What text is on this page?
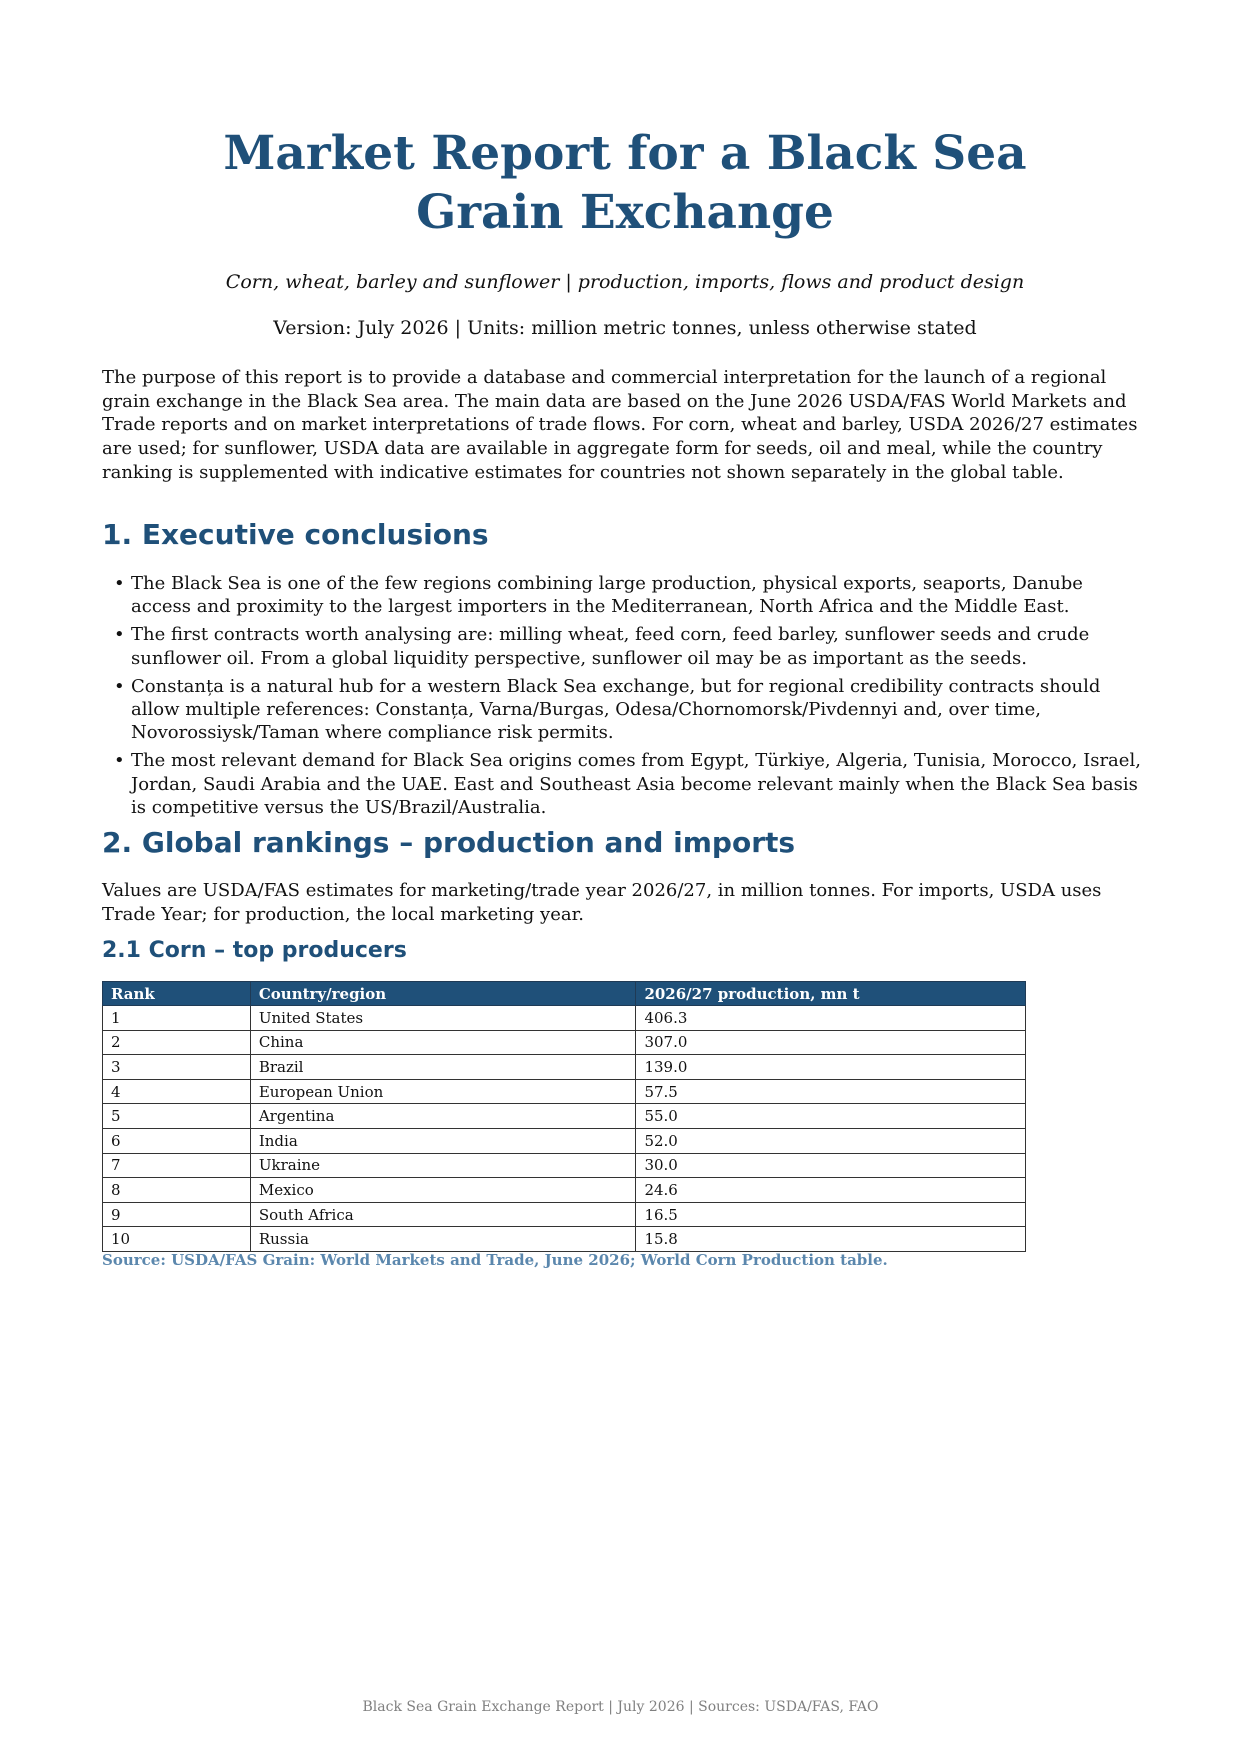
Market Report for a Black Sea
Grain Exchange
Corn, wheat, barley and sunflower | production, imports, flows and product design
Version: July 2026 | Units: million metric tonnes, unless otherwise stated

The purpose of this report is to provide a database and commercial interpretation for the launch of a regional grain exchange in the Black Sea area. The main data are based on the June 2026 USDA/FAS World Markets and Trade reports and on market interpretations of trade flows. For corn, wheat and barley, USDA 2026/27 estimates are used; for sunflower, USDA data are available in aggregate form for seeds, oil and meal, while the country ranking is supplemented with indicative estimates for countries not shown separately in the global table.

1. Executive conclusions
• The Black Sea is one of the few regions combining large production, physical exports, seaports, Danube access and proximity to the largest importers in the Mediterranean, North Africa and the Middle East.
• The first contracts worth analysing are: milling wheat, feed corn, feed barley, sunflower seeds and crude sunflower oil. From a global liquidity perspective, sunflower oil may be as important as the seeds.
• Constanța is a natural hub for a western Black Sea exchange, but for regional credibility contracts should allow multiple references: Constanța, Varna/Burgas, Odesa/Chornomorsk/Pivdennyi and, over time, Novorossiysk/Taman where compliance risk permits.
• The most relevant demand for Black Sea origins comes from Egypt, Türkiye, Algeria, Tunisia, Morocco, Israel, Jordan, Saudi Arabia and the UAE. East and Southeast Asia become relevant mainly when the Black Sea basis is competitive versus the US/Brazil/Australia.
2. Global rankings – production and imports

Values are USDA/FAS estimates for marketing/trade year 2026/27, in million tonnes. For imports, USDA uses Trade Year; for production, the local marketing year.

2.1 Corn – top producers
Rank	Country/region	2026/27 production, mn t
1	United States	406.3
2	China	307.0
3	Brazil	139.0
4	European Union	57.5
5	Argentina	55.0
6	India	52.0
7	Ukraine	30.0
8	Mexico	24.6
9	South Africa	16.5
10	Russia	15.8
Source: USDA/FAS Grain: World Markets and Trade, June 2026; World Corn Production table.
Black Sea Grain Exchange Report | July 2026 | Sources: USDA/FAS, FAO
